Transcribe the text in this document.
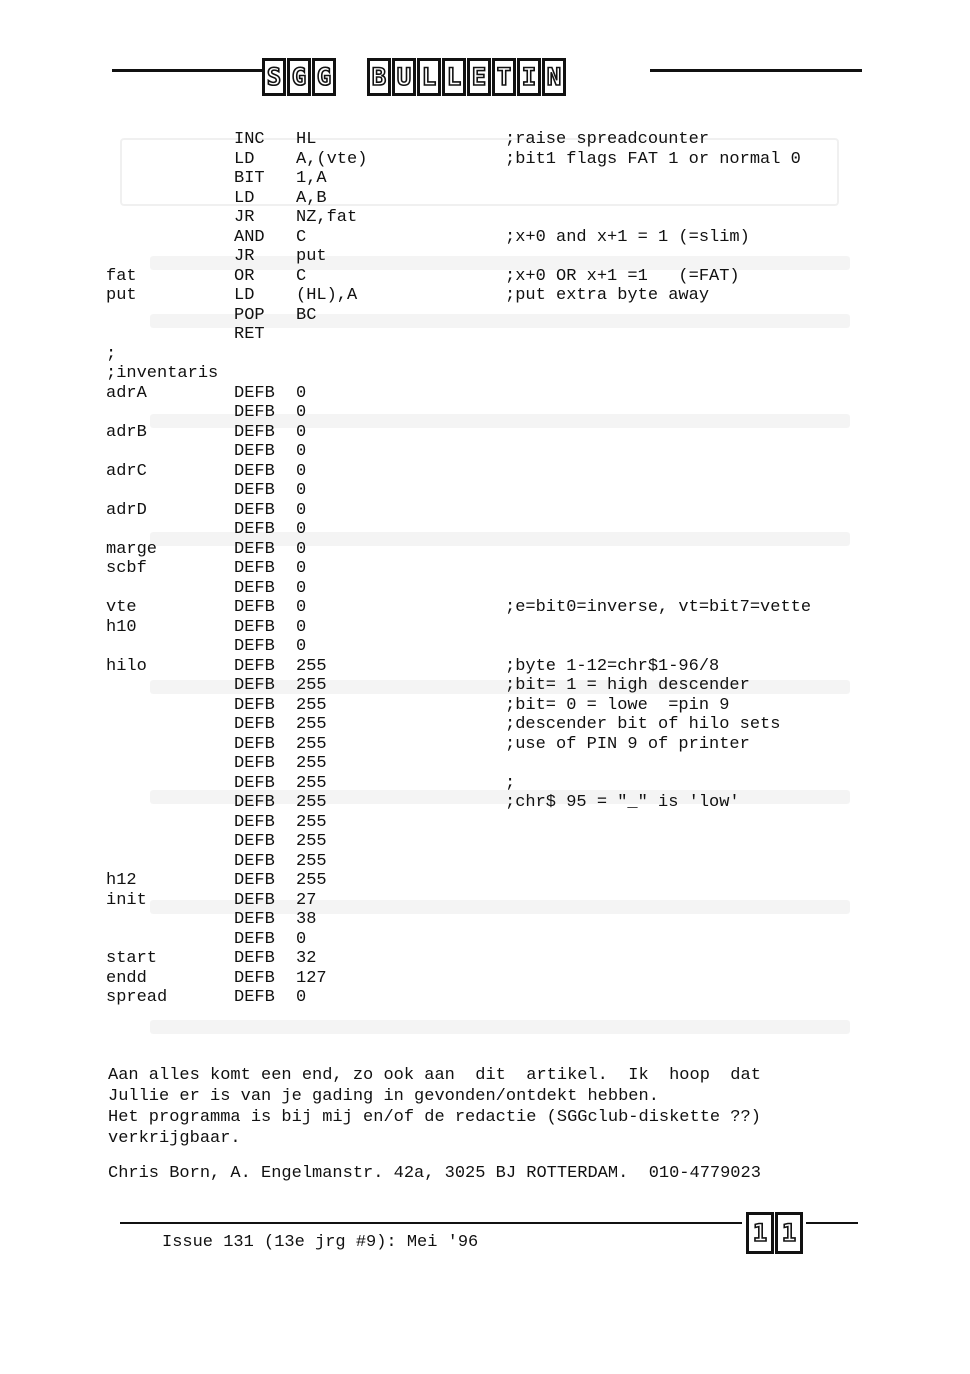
S G G B U L L E T I N
INC HL	;raise spreadcounter
LD A,(vte)	;bit1 flags FAT 1 or normal 0
BIT 1,A
LD A,B
JR NZ,fat
AND C	;x+0 and x+1 = 1 (=slim)
JR put
fat	OR C	;x+0 OR x+1 =1   (=FAT)
put	LD (HL),A	;put extra byte away
POP BC
RET
;
;inventaris
adrA	DEFB 0
DEFB 0
adrB	DEFB 0
DEFB 0
adrC	DEFB 0
DEFB 0
adrD	DEFB 0
DEFB 0
marge	DEFB 0
scbf	DEFB 0
DEFB 0
vte	DEFB 0	;e=bit0=inverse, vt=bit7=vette
h10	DEFB 0
DEFB 0
hilo	DEFB 255	;byte 1-12=chr$1-96/8
DEFB 255	;bit= 1 = high descender
DEFB 255	;bit= 0 = lowe  =pin 9
DEFB 255	;descender bit of hilo sets
DEFB 255	;use of PIN 9 of printer
DEFB 255
DEFB 255	;
DEFB 255	;chr$ 95 = "_" is 'low'
DEFB 255
DEFB 255
DEFB 255
h12	DEFB 255
init	DEFB 27
DEFB 38
DEFB 0
start	DEFB 32
endd	DEFB 127
spread	DEFB 0
Aan alles komt een end, zo ook aan  dit  artikel.  Ik  hoop  dat
Jullie er is van je gading in gevonden/ontdekt hebben.
Het programma is bij mij en/of de redactie (SGGclub-diskette ??)
verkrijgbaar.
Chris Born, A. Engelmanstr. 42a, 3025 BJ ROTTERDAM.  010-4779023
Issue 131 (13e jrg #9): Mei '96	1 1
